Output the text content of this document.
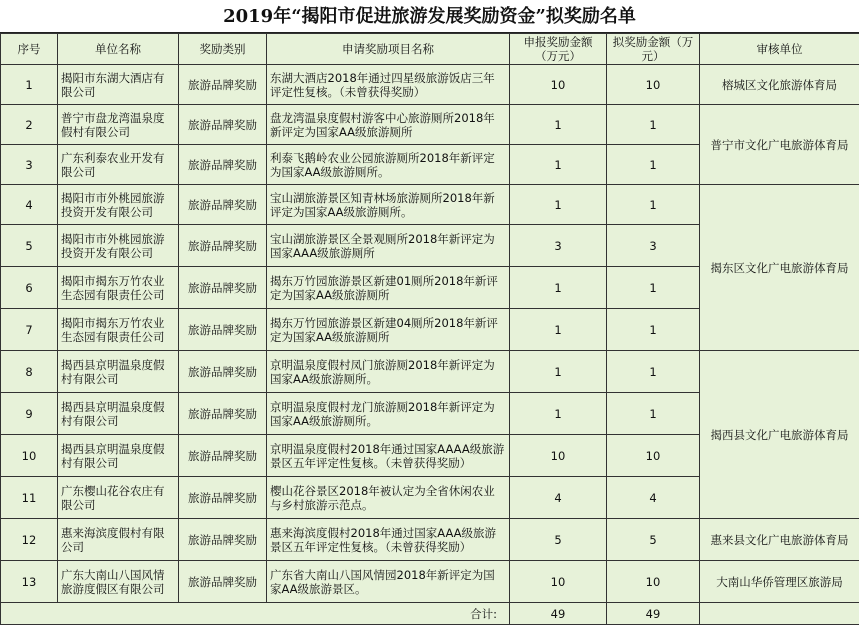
2019年“揭阳市促进旅游发展奖励资金”拟奖励名单
序号	单位名称	奖励类别	申请奖励项目名称	申报奖励金额（万元）	拟奖励金额（万元）	审核单位
1	揭阳市东湖大酒店有限公司	旅游品牌奖励	东湖大酒店2018年通过四星级旅游饭店三年评定性复核。（未曾获得奖励）	10	10	榕城区文化旅游体育局
2	普宁市盘龙湾温泉度假村有限公司	旅游品牌奖励	盘龙湾温泉度假村游客中心旅游厕所2018年新评定为国家AA级旅游厕所	1	1	普宁市文化广电旅游体育局
3	广东利泰农业开发有限公司	旅游品牌奖励	利泰飞鹅岭农业公园旅游厕所2018年新评定为国家AA级旅游厕所。	1	1	
4	揭阳市市外桃园旅游投资开发有限公司	旅游品牌奖励	宝山湖旅游景区知青林场旅游厕所2018年新评定为国家AA级旅游厕所。	1	1	揭东区文化广电旅游体育局
5	揭阳市市外桃园旅游投资开发有限公司	旅游品牌奖励	宝山湖旅游景区全景观厕所2018年新评定为国家AAA级旅游厕所	3	3	
6	揭阳市揭东万竹农业生态园有限责任公司	旅游品牌奖励	揭东万竹园旅游景区新建01厕所2018年新评定为国家AA级旅游厕所	1	1	
7	揭阳市揭东万竹农业生态园有限责任公司	旅游品牌奖励	揭东万竹园旅游景区新建04厕所2018年新评定为国家AA级旅游厕所	1	1	
8	揭西县京明温泉度假村有限公司	旅游品牌奖励	京明温泉度假村凤门旅游厕2018年新评定为国家AA级旅游厕所。	1	1	揭西县文化广电旅游体育局
9	揭西县京明温泉度假村有限公司	旅游品牌奖励	京明温泉度假村龙门旅游厕2018年新评定为国家AA级旅游厕所。	1	1	
10	揭西县京明温泉度假村有限公司	旅游品牌奖励	京明温泉度假村2018年通过国家AAAA级旅游景区五年评定性复核。（未曾获得奖励）	10	10	
11	广东樱山花谷农庄有限公司	旅游品牌奖励	樱山花谷景区2018年被认定为全省休闲农业与乡村旅游示范点。	4	4	
12	惠来海滨度假村有限公司	旅游品牌奖励	惠来海滨度假村2018年通过国家AAA级旅游景区五年评定性复核。（未曾获得奖励）	5	5	惠来县文化广电旅游体育局
13	广东大南山八国风情旅游度假区有限公司	旅游品牌奖励	广东省大南山八国风情园2018年新评定为国家AA级旅游景区。	10	10	大南山华侨管理区旅游局
合计:				49	49	
